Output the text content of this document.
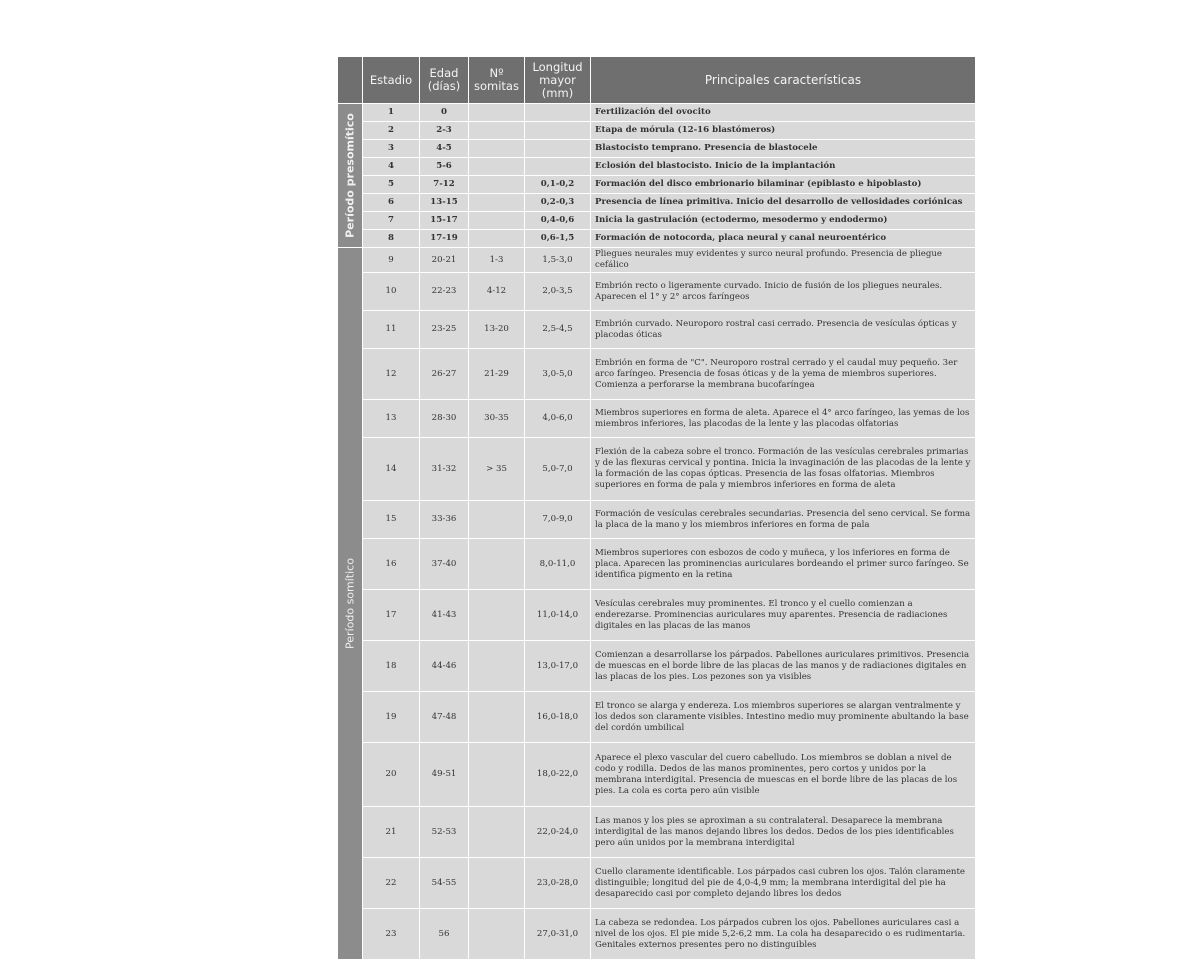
	Estadio	Edad (días)	Nº somitas	Longitud mayor (mm)	Principales características

Período presomítico	1	0			Fertilización del ovocito
	2	2-3			Etapa de mórula (12-16 blastómeros)
	3	4-5			Blastocisto temprano. Presencia de blastocele
	4	5-6			Eclosión del blastocisto. Inicio de la implantación
	5	7-12		0,1-0,2	Formación del disco embrionario bilaminar (epiblasto e hipoblasto)
	6	13-15		0,2-0,3	Presencia de línea primitiva. Inicio del desarrollo de vellosidades coriónicas
	7	15-17		0,4-0,6	Inicia la gastrulación (ectodermo, mesodermo y endodermo)
	8	17-19		0,6-1,5	Formación de notocorda, placa neural y canal neuroentérico

Período somítico	9	20-21	1-3	1,5-3,0	Pliegues neurales muy evidentes y surco neural profundo. Presencia de pliegue cefálico
	10	22-23	4-12	2,0-3,5	Embrión recto o ligeramente curvado. Inicio de fusión de los pliegues neurales. Aparecen el 1° y 2° arcos faríngeos
	11	23-25	13-20	2,5-4,5	Embrión curvado. Neuroporo rostral casi cerrado. Presencia de vesículas ópticas y placodas óticas
	12	26-27	21-29	3,0-5,0	Embrión en forma de "C". Neuroporo rostral cerrado y el caudal muy pequeño. 3er arco faríngeo. Presencia de fosas óticas y de la yema de miembros superiores. Comienza a perforarse la membrana bucofaríngea
	13	28-30	30-35	4,0-6,0	Miembros superiores en forma de aleta. Aparece el 4° arco faríngeo, las yemas de los miembros inferiores, las placodas de la lente y las placodas olfatorias
	14	31-32	> 35	5,0-7,0	Flexión de la cabeza sobre el tronco. Formación de las vesículas cerebrales primarias y de las flexuras cervical y pontina. Inicia la invaginación de las placodas de la lente y la formación de las copas ópticas. Presencia de las fosas olfatorias. Miembros superiores en forma de pala y miembros inferiores en forma de aleta
	15	33-36		7,0-9,0	Formación de vesículas cerebrales secundarias. Presencia del seno cervical. Se forma la placa de la mano y los miembros inferiores en forma de pala
	16	37-40		8,0-11,0	Miembros superiores con esbozos de codo y muñeca, y los inferiores en forma de placa. Aparecen las prominencias auriculares bordeando el primer surco faríngeo. Se identifica pigmento en la retina
	17	41-43		11,0-14,0	Vesículas cerebrales muy prominentes. El tronco y el cuello comienzan a enderezarse. Prominencias auriculares muy aparentes. Presencia de radiaciones digitales en las placas de las manos
	18	44-46		13,0-17,0	Comienzan a desarrollarse los párpados. Pabellones auriculares primitivos. Presencia de muescas en el borde libre de las placas de las manos y de radiaciones digitales en las placas de los pies. Los pezones son ya visibles
	19	47-48		16,0-18,0	El tronco se alarga y endereza. Los miembros superiores se alargan ventralmente y los dedos son claramente visibles. Intestino medio muy prominente abultando la base del cordón umbilical
	20	49-51		18,0-22,0	Aparece el plexo vascular del cuero cabelludo. Los miembros se doblan a nivel de codo y rodilla. Dedos de las manos prominentes, pero cortos y unidos por la membrana interdigital. Presencia de muescas en el borde libre de las placas de los pies. La cola es corta pero aún visible
	21	52-53		22,0-24,0	Las manos y los pies se aproximan a su contralateral. Desaparece la membrana interdigital de las manos dejando libres los dedos. Dedos de los pies identificables pero aún unidos por la membrana interdigital
	22	54-55		23,0-28,0	Cuello claramente identificable. Los párpados casi cubren los ojos. Talón claramente distinguible; longitud del pie de 4,0-4,9 mm; la membrana interdigital del pie ha desaparecido casi por completo dejando libres los dedos
	23	56		27,0-31,0	La cabeza se redondea. Los párpados cubren los ojos. Pabellones auriculares casi a nivel de los ojos. El pie mide 5,2-6,2 mm. La cola ha desaparecido o es rudimentaria. Genitales externos presentes pero no distinguibles
